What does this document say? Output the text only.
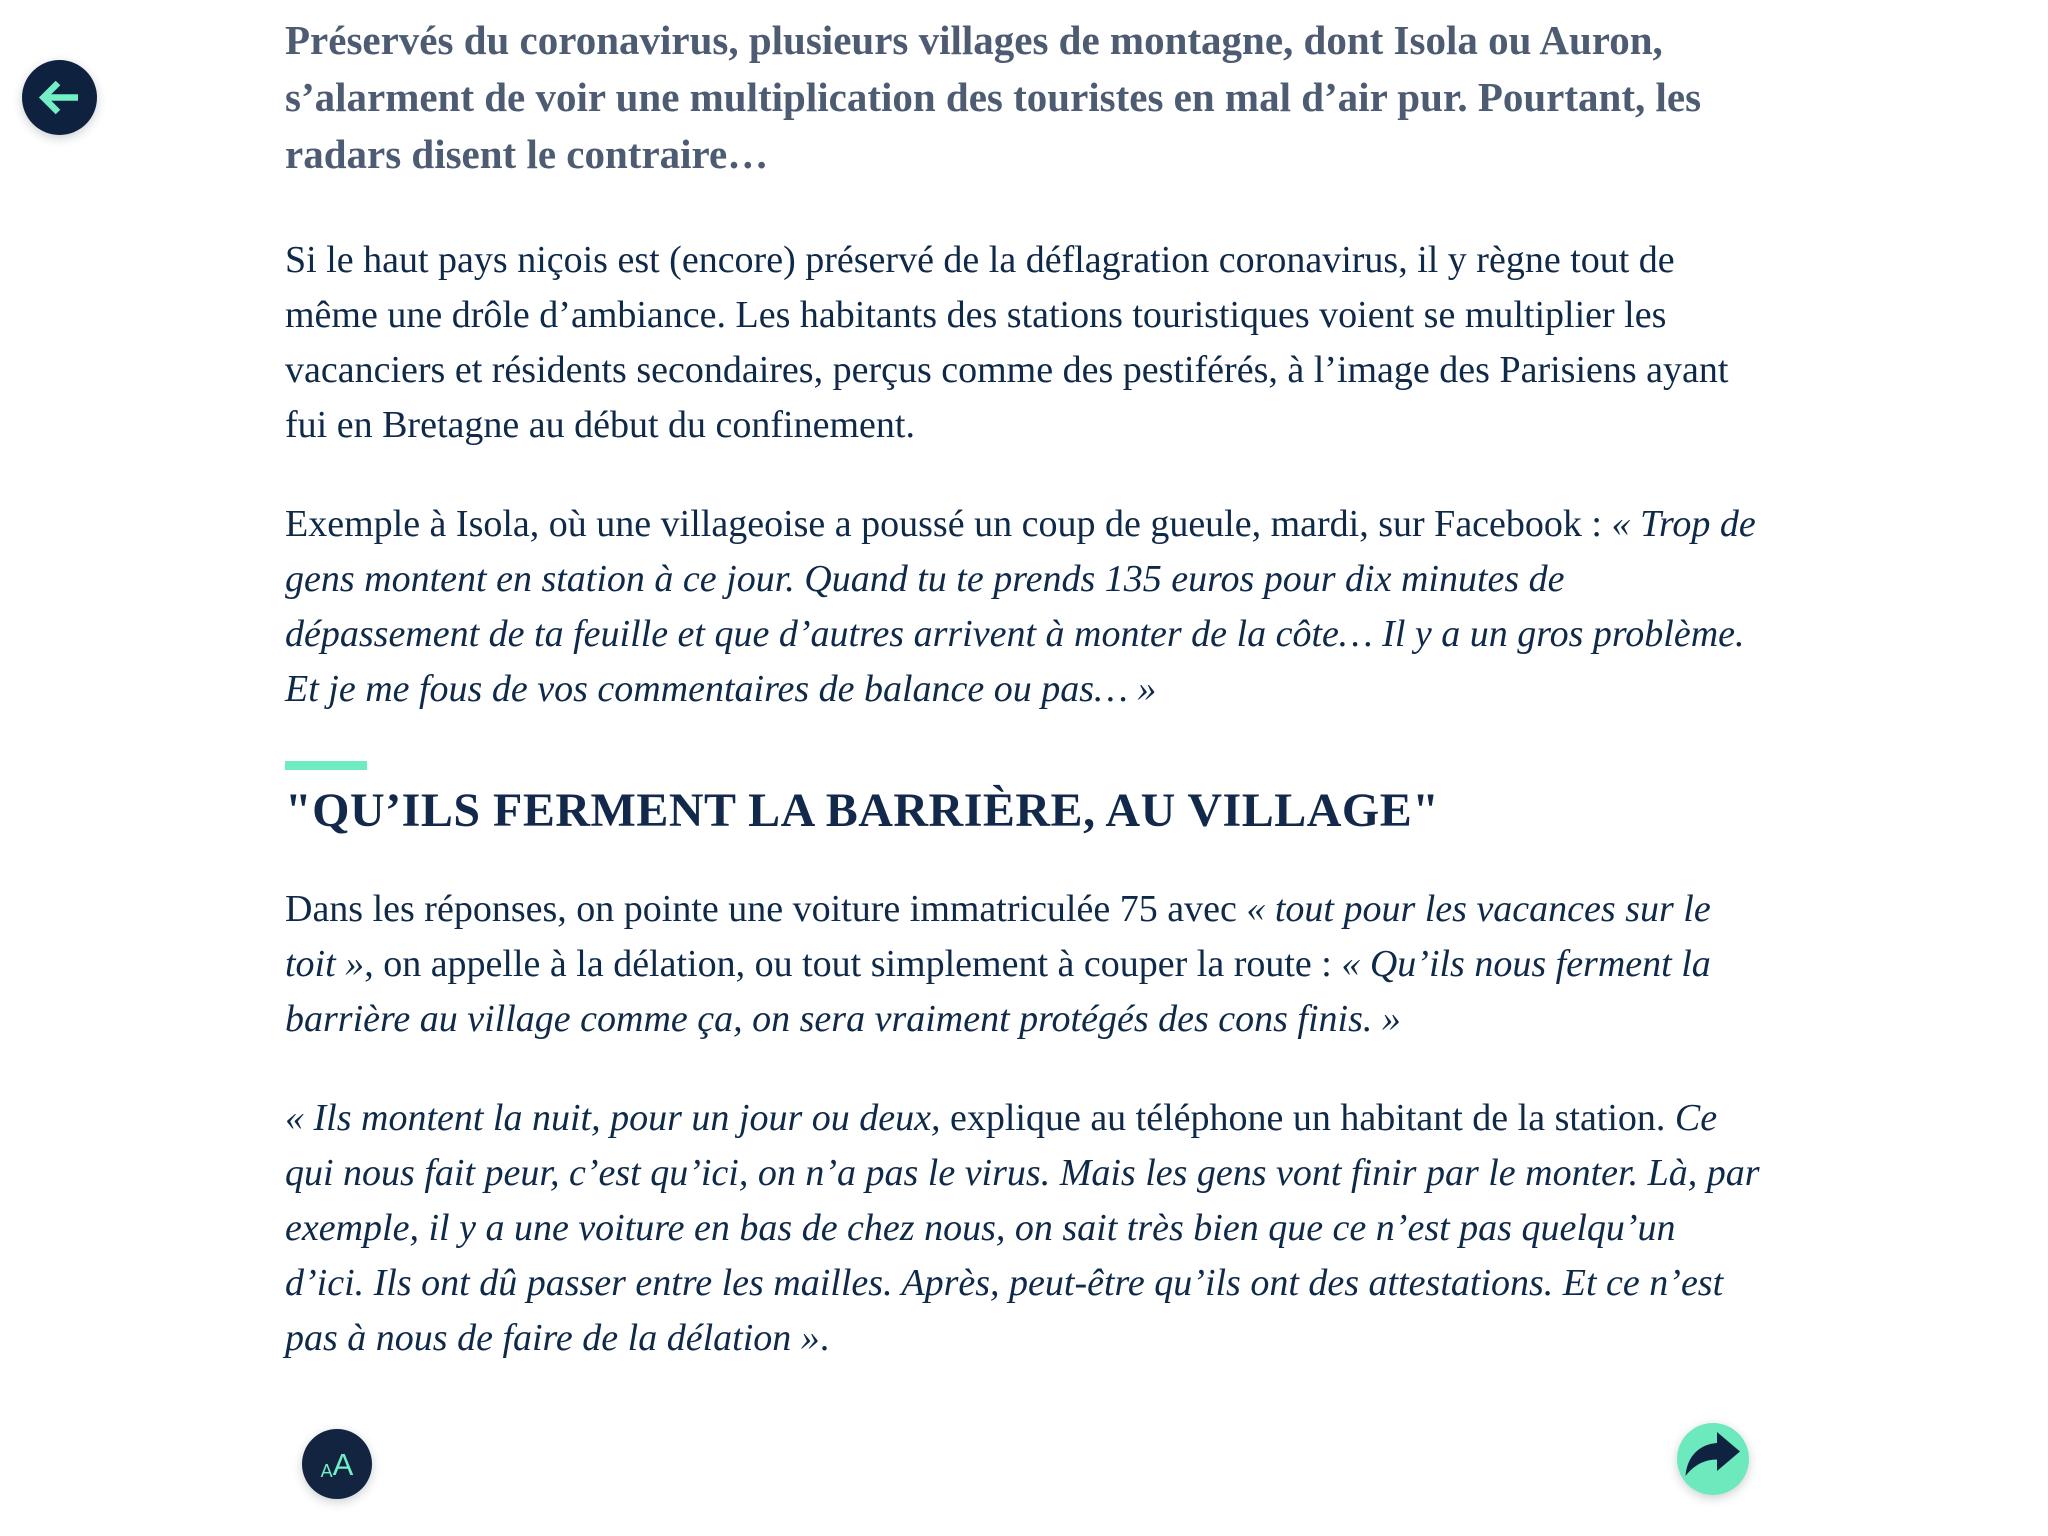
Préservés du coronavirus, plusieurs villages de montagne, dont Isola ou Auron, s’alarment de voir une multiplication des touristes en mal d’air pur. Pourtant, les radars disent le contraire…

Si le haut pays niçois est (encore) préservé de la déflagration coronavirus, il y règne tout de même une drôle d’ambiance. Les habitants des stations touristiques voient se multiplier les vacanciers et résidents secondaires, perçus comme des pestiférés, à l’image des Parisiens ayant fui en Bretagne au début du confinement.

Exemple à Isola, où une villageoise a poussé un coup de gueule, mardi, sur Facebook : « Trop de gens montent en station à ce jour. Quand tu te prends 135 euros pour dix minutes de dépassement de ta feuille et que d’autres arrivent à monter de la côte… Il y a un gros problème. Et je me fous de vos commentaires de balance ou pas… »

"QU’ILS FERMENT LA BARRIÈRE, AU VILLAGE"

Dans les réponses, on pointe une voiture immatriculée 75 avec « tout pour les vacances sur le toit », on appelle à la délation, ou tout simplement à couper la route : « Qu’ils nous ferment la barrière au village comme ça, on sera vraiment protégés des cons finis. »

« Ils montent la nuit, pour un jour ou deux, explique au téléphone un habitant de la station. Ce qui nous fait peur, c’est qu’ici, on n’a pas le virus. Mais les gens vont finir par le monter. Là, par exemple, il y a une voiture en bas de chez nous, on sait très bien que ce n’est pas quelqu’un d’ici. Ils ont dû passer entre les mailles. Après, peut-être qu’ils ont des attestations. Et ce n’est pas à nous de faire de la délation ».

A A
